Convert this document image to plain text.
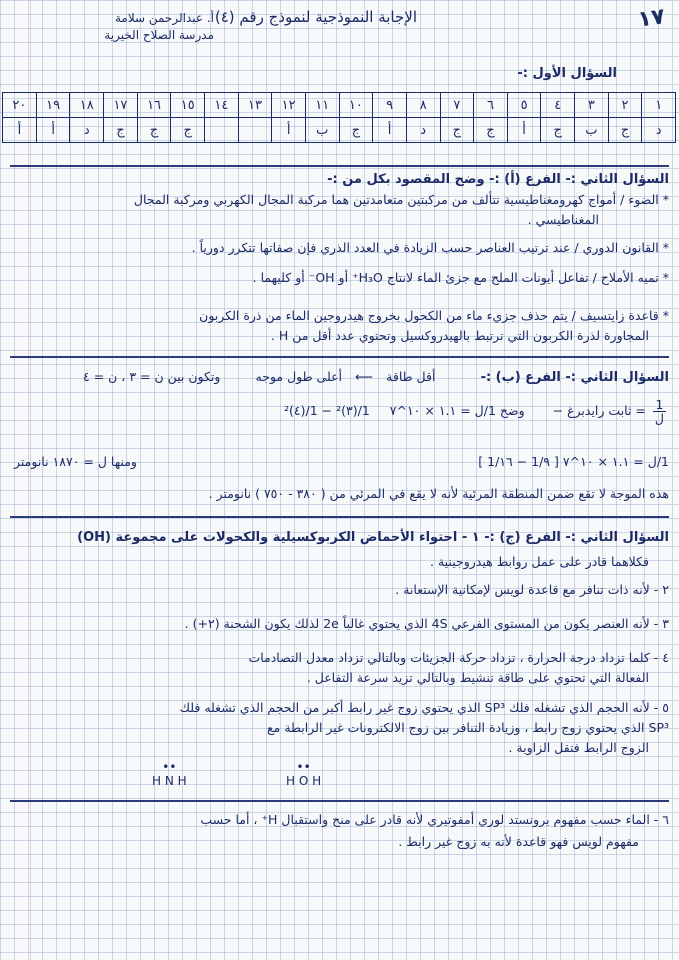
١٧
الإجابة النموذجية لنموذج رقم (٤)
أ. عبدالرحمن سلامة
مدرسة الصلاح الخيرية
السؤال الأول :-
١	٢	٣	٤	٥	٦	٧	٨	٩	١٠	١١	١٢	١٣	١٤	١٥	١٦	١٧	١٨	١٩	٢٠
د	ج	ب	ج	أ	ج	ج	د	أ	ج	ب	أ			ج	ج	ج	د	أ	أ
السؤال الثاني :- الفرع (أ) :- وضح المقصود بكل من :-
* الضوء / أمواج كهرومغناطيسية تتألف من مركبتين متعامدتين هما مركبة المجال الكهربي ومركبة المجال
المغناطيسي .
* القانون الدوري / عند ترتيب العناصر حسب الزيادة في العدد الذري فإن صفاتها تتكرر دورياً .
* تميه الأملاح / تفاعل أيونات الملح مع جزئ الماء لانتاج H₃O⁺ أو OH⁻ أو كليهما .
* قاعدة زايتسيف / يتم حذف جزيء ماء من الكحول بخروج هيدروجين الماء من ذرة الكربون
المجاورة لذرة الكربون التي ترتبط بالهيدروكسيل وتحتوي عدد أقل من H .
السؤال الثاني :- الفرع (ب) :- أقل طاقة ⟵ أعلى طول موجه وتكون بين ن = ٣ ، ن = ٤
$\frac{1}{\text{ل}}$
= ثابت رايدبرغ − وضح 1/ل = ١.١ × ١٠^٧ 1/(٣)² − 1/(٤)²
1/ل = ١.١ × ١٠^٧ [ 1/٩ − 1/١٦ ]
ومنها ل = ١٨٧٠ نانومتر
هذه الموجة لا تقع ضمن المنطقة المرئية لأنه لا يقع في المرئي من ( ٣٨٠ - ٧٥٠ ) نانومتر .
السؤال الثاني :- الفرع (ج) :- ١ - احتواء الأحماض الكربوكسيلية والكحولات على مجموعة (OH)
فكلاهما قادر على عمل روابط هيدروجينية .
٢ - لأنه ذات تنافر مع قاعدة لويس لإمكانية الإستعانة .
٣ - لأنه العنصر يكون من المستوى الفرعي 4S الذي يحتوي غالباً 2e لذلك يكون الشحنة (٢+) .
٤ - كلما تزداد درجة الحرارة ، تزداد حركة الجزيئات وبالتالي تزداد معدل التصادمات
الفعالة التي تحتوي على طاقة تنشيط وبالتالي تزيد سرعة التفاعل .
٥ - لأنه الحجم الذي تشغله فلك SP³ الذي يحتوي زوج غير رابط أكبر من الحجم الذي تشغله فلك
SP³ الذي يحتوي زوج رابط ، وزيادة التنافر بين زوج الالكترونات غير الرابطة مع
الزوج الرابط فتقل الزاوية .
••
H N H
••
H O H
٦ - الماء حسب مفهوم برونستد لوري أمفوتيري لأنه قادر على منح واستقبال H⁺ ، أما حسب
مفهوم لويس فهو قاعدة لأنه به زوج غير رابط .
